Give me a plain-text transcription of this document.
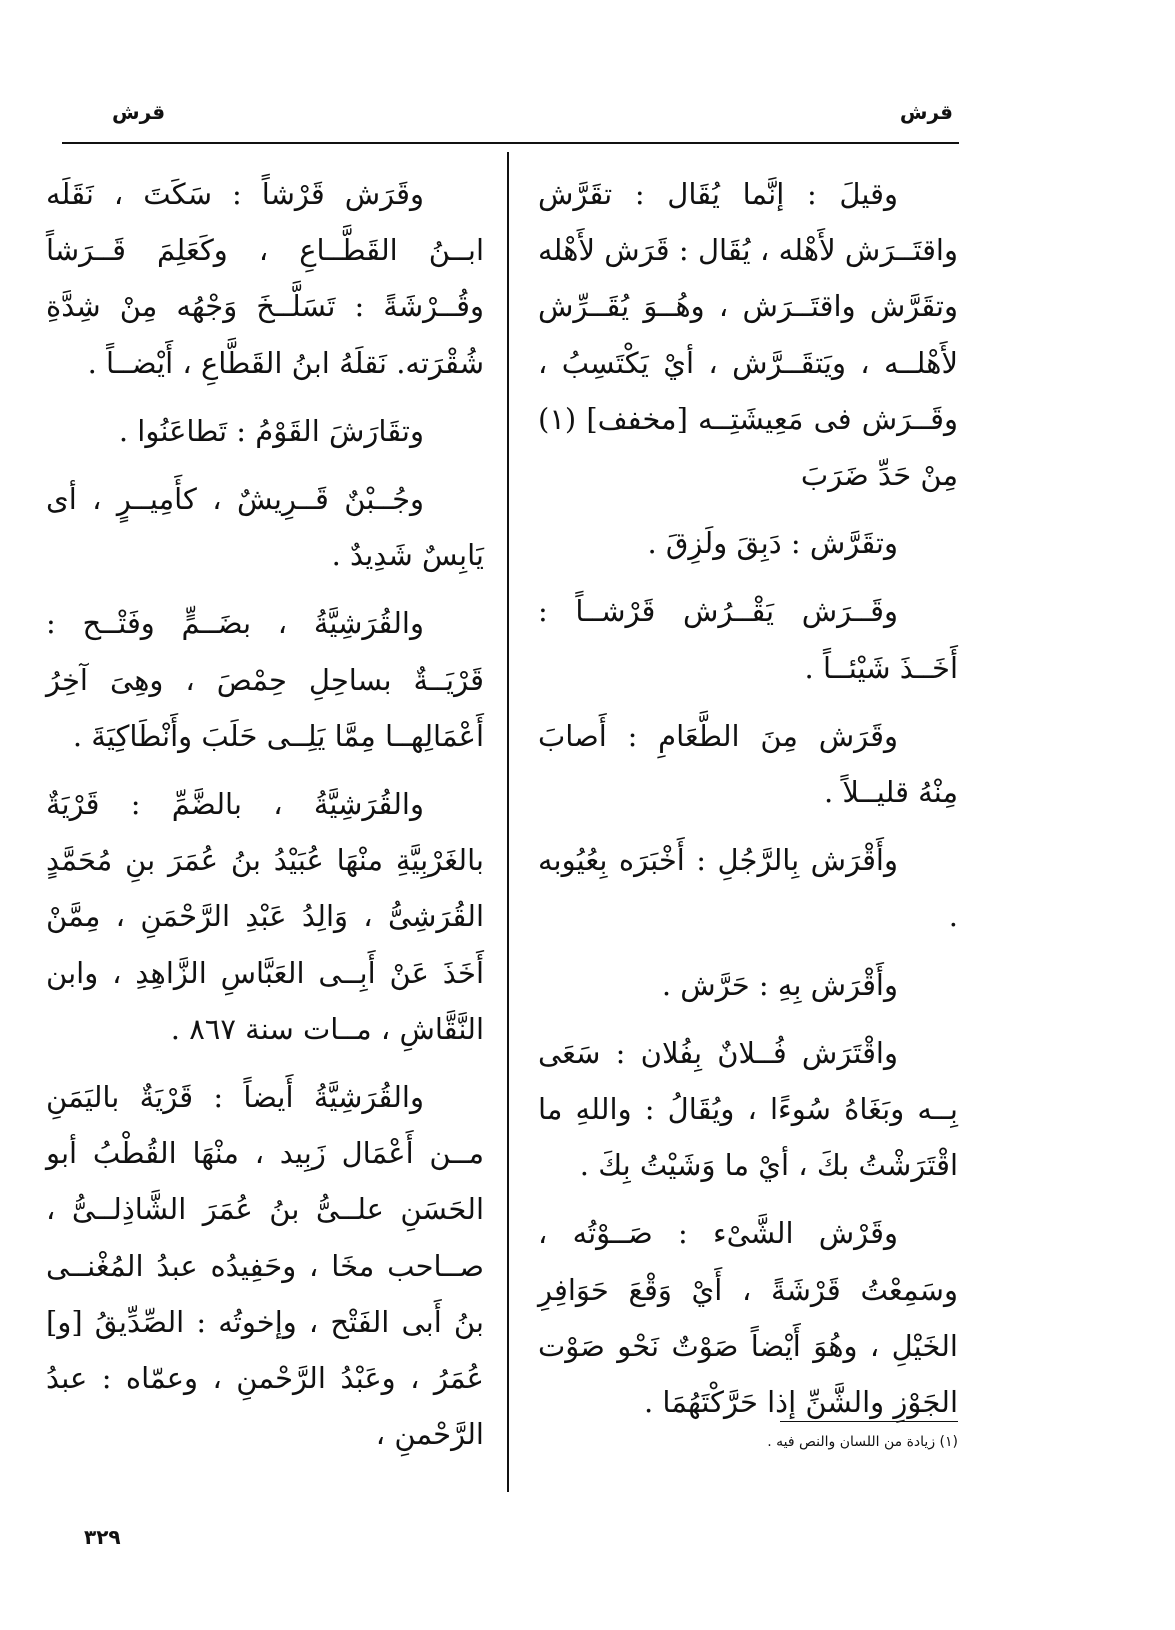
قرش
قرش

وقيلَ : إنَّما يُقَال : تقَرَّش واقتَــرَش لأَهْله ، يُقَال : قَرَش لأَهْله وتقَرَّش واقتَــرَش ، وهُــوَ يُقَــرِّش لأَهْلــه ، ويَتقَــرَّش ، أيْ يَكْتَسِبُ ، وقَــرَش فى مَعِيشَتِــه [مخفف] (١) مِنْ حَدِّ ضَرَبَ

وتقَرَّش : دَبِقَ ولَزِقَ .

وقَــرَش يَقْــرُش قَرْشــاً : أَخَــذَ شَيْئــاً .

وقَرَش مِنَ الطَّعَامِ : أَصابَ مِنْهُ قليــلاً .

وأَقْرَش بِالرَّجُلِ : أَخْبَرَه بِعُيُوبه .

وأَقْرَش بِهِ : حَرَّش .

واقْتَرَش فُــلانٌ بِفُلان : سَعَى بِــه وبَغَاهُ سُوءًا ، ويُقَالُ : واللهِ ما اقْتَرَشْتُ بكَ ، أيْ ما وَشَيْتُ بِكَ .

وقَرْش الشَّىْء : صَــوْتُه ، وسَمِعْتُ قَرْشَةً ، أَيْ وَقْعَ حَوَافِرِ الخَيْلِ ، وهُوَ أَيْضاً صَوْتٌ نَحْو صَوْت الجَوْزِ والشَّنِّ إذا حَرَّكْتَهُمَا .

وقَرَش قَرْشاً : سَكَتَ ، نَقَلَه ابــنُ القَطَّــاعِ ، وكَعَلِمَ قَــرَشاً وقُــرْشَةً : تَسَلَّــخَ وَجْهُه مِنْ شِدَّةِ شُقْرَته. نَقلَهُ ابنُ القَطَّاعِ ، أَيْضــاً .

وتقَارَشَ القَوْمُ : تَطاعَنُوا .

وجُــبْنٌ قَــرِيشٌ ، كأَمِيــرٍ ، أى يَابِسٌ شَدِيدٌ .

والقُرَشِيَّةُ ، بضَــمٍّ وفَتْــح : قَرْيَــةٌ بساحِلِ حِمْصَ ، وهِىَ آخِرُ أَعْمَالِهــا مِمَّا يَلِــى حَلَبَ وأَنْطَاكِيَةَ .

والقُرَشِيَّةُ ، بالضَّمِّ : قَرْيَةٌ بالغَرْبِيَّةِ منْهَا عُبَيْدُ بنُ عُمَرَ بنِ مُحَمَّدٍ القُرَشِىُّ ، وَالِدُ عَبْدِ الرَّحْمَنِ ، مِمَّنْ أَخَذَ عَنْ أَبِــى العَبَّاسِ الزَّاهِدِ ، وابن النَّقَّاشِ ، مــات سنة ٨٦٧ .

والقُرَشِيَّةُ أَيضاً : قَرْيَةٌ باليَمَنِ مــن أَعْمَال زَبِيد ، منْهَا القُطْبُ أبو الحَسَنِ علــىُّ بنُ عُمَرَ الشَّاذِلــىُّ ، صــاحب مخَا ، وحَفِيدُه عبدُ المُغْنــى بنُ أَبى الفَتْح ، وإخوتُه : الصِّدِّيقُ [و] عُمَرُ ، وعَبْدُ الرَّحْمنِ ، وعمّاه : عبدُ الرَّحْمنِ ،	(١) زيادة من اللسان والنص فيه .
٣٢٩
